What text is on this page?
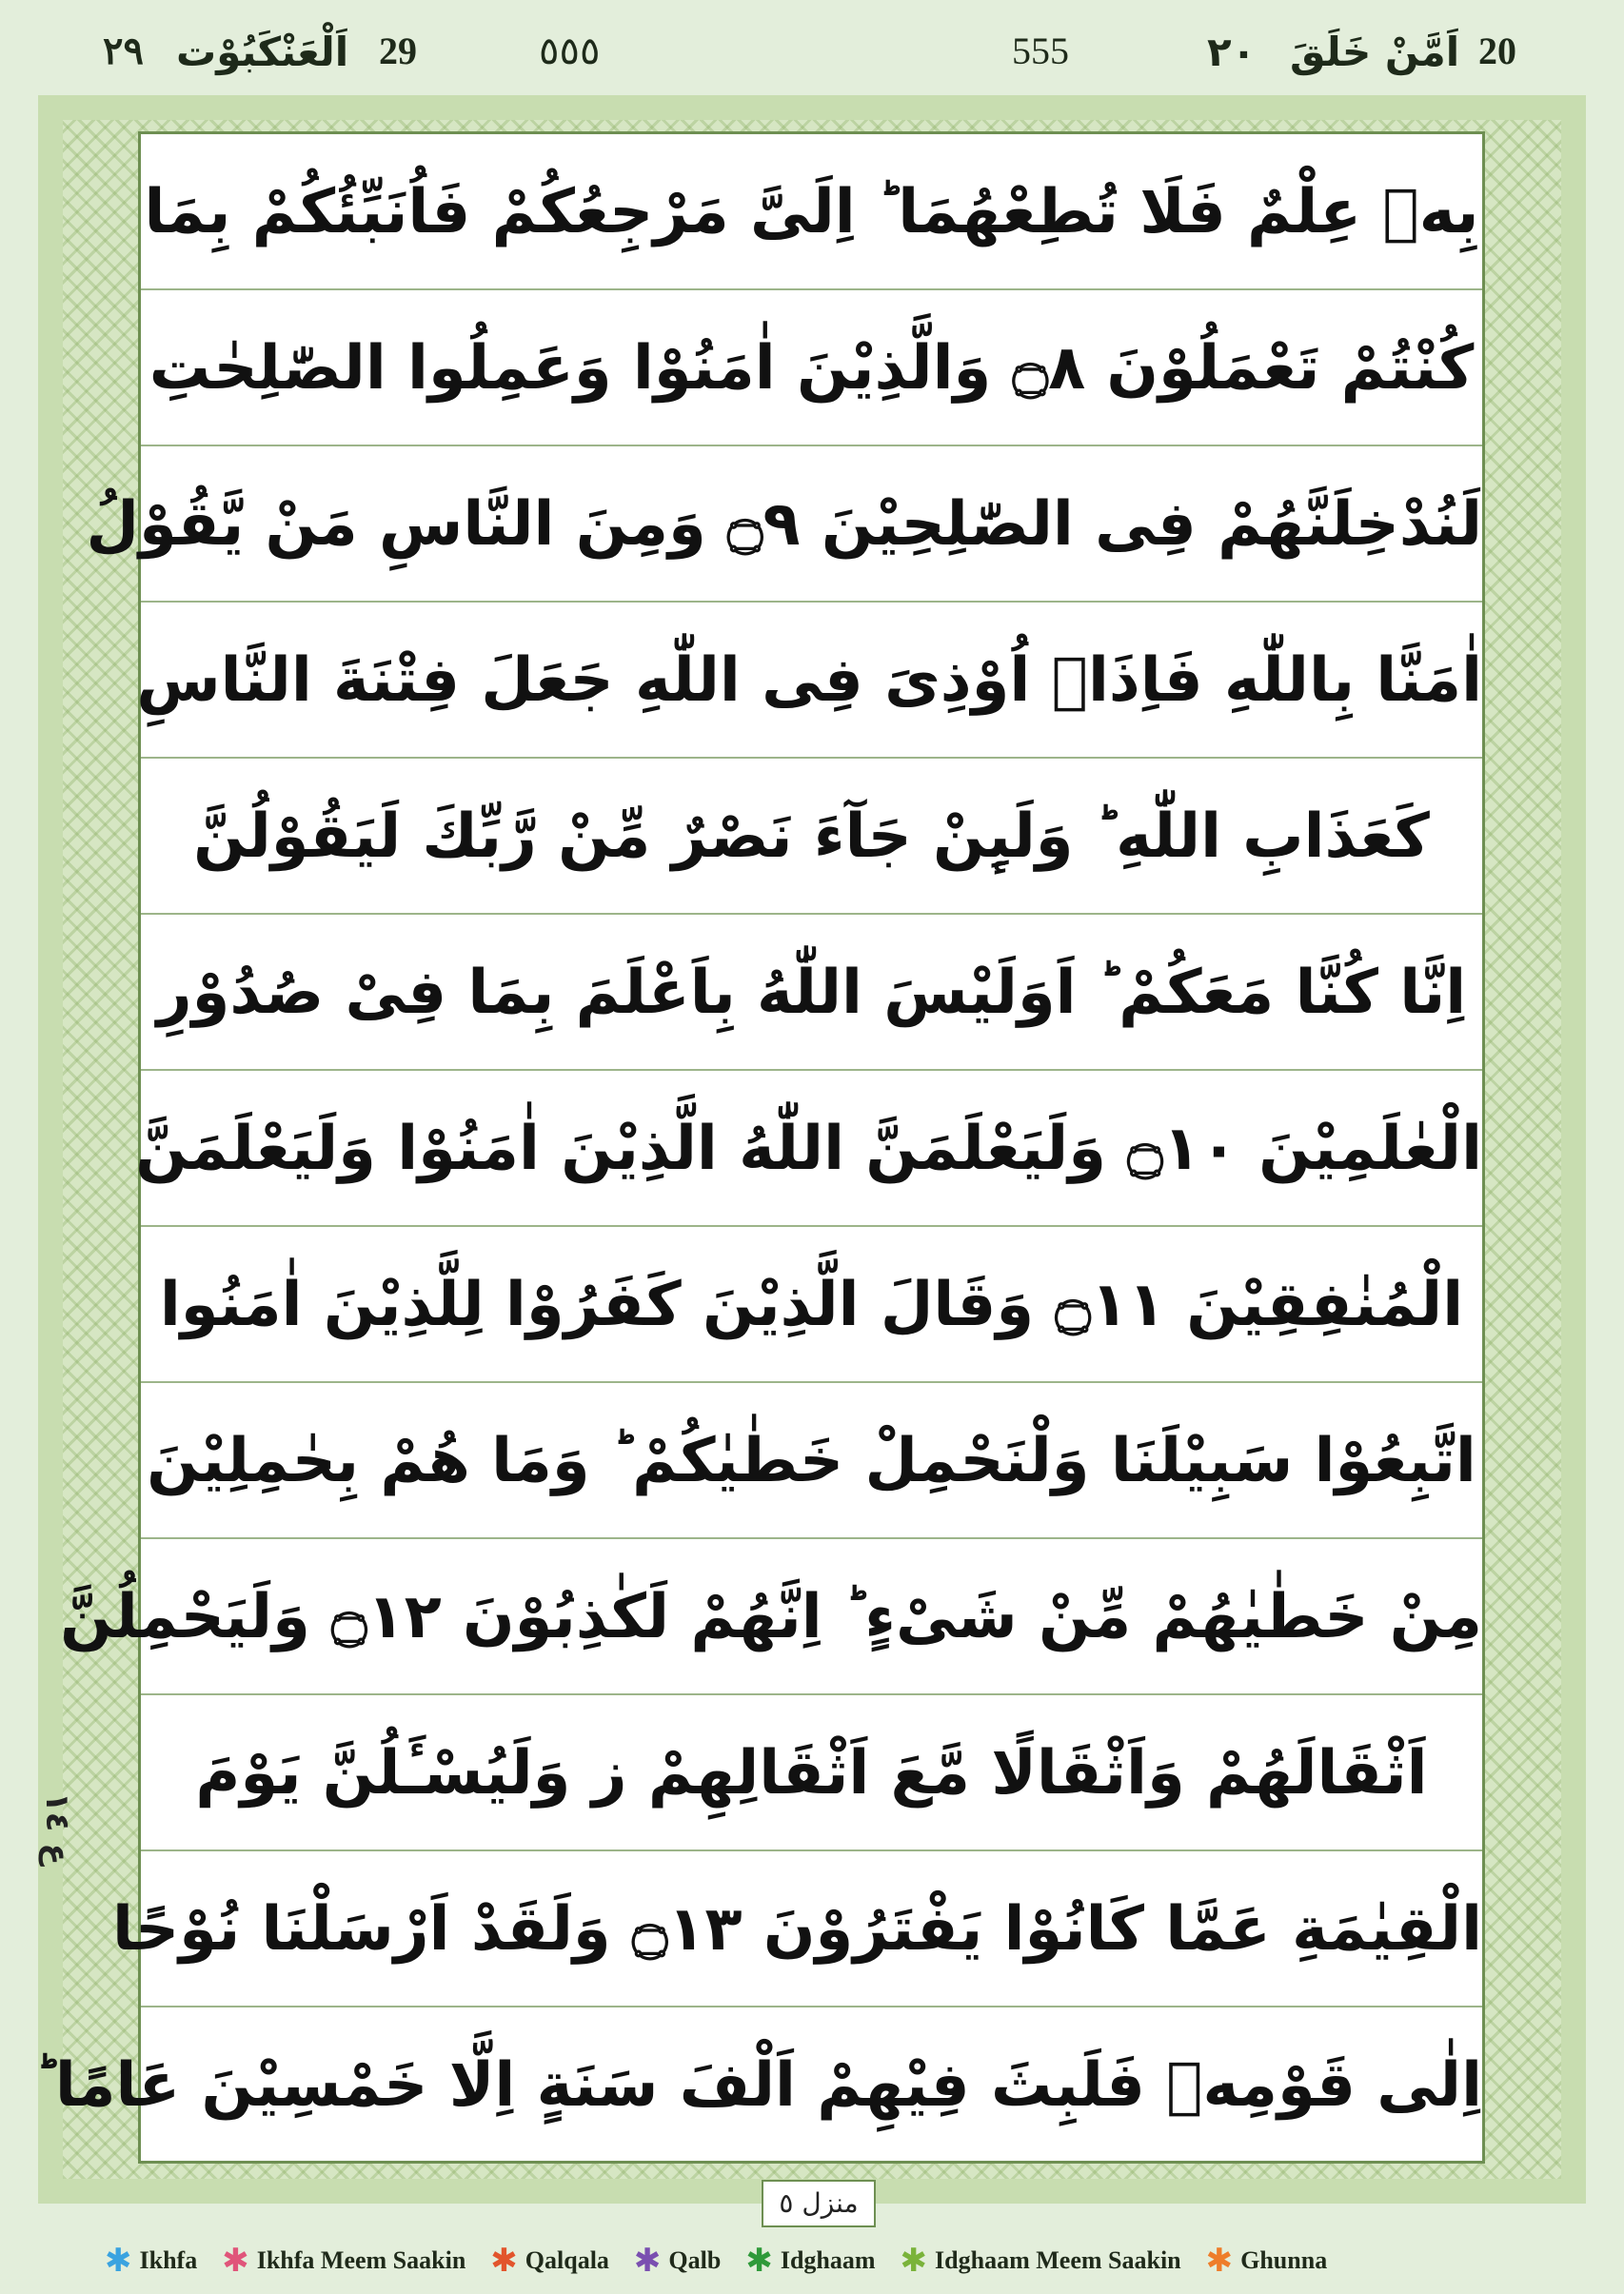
٢٩ اَلْعَنْكَبُوْت 29	٥٥٥	555	٢٠ اَمَّنْ خَلَقَ 20
بِهٖ عِلْمٌ فَلَا تُطِعْهُمَا ؕ اِلَیَّ مَرْجِعُكُمْ فَاُنَبِّئُكُمْ بِمَا
كُنْتُمْ تَعْمَلُوْنَ ۝٨ وَالَّذِیْنَ اٰمَنُوْا وَعَمِلُوا الصّٰلِحٰتِ
لَنُدْخِلَنَّهُمْ فِی الصّٰلِحِیْنَ ۝٩ وَمِنَ النَّاسِ مَنْ یَّقُوْلُ
اٰمَنَّا بِاللّٰهِ فَاِذَاۤ اُوْذِیَ فِی اللّٰهِ جَعَلَ فِتْنَةَ النَّاسِ
كَعَذَابِ اللّٰهِ ؕ وَلَىِٕنْ جَآءَ نَصْرٌ مِّنْ رَّبِّكَ لَیَقُوْلُنَّ
اِنَّا كُنَّا مَعَكُمْ ؕ اَوَلَیْسَ اللّٰهُ بِاَعْلَمَ بِمَا فِیْ صُدُوْرِ
الْعٰلَمِیْنَ ۝١٠ وَلَیَعْلَمَنَّ اللّٰهُ الَّذِیْنَ اٰمَنُوْا وَلَیَعْلَمَنَّ
الْمُنٰفِقِیْنَ ۝١١ وَقَالَ الَّذِیْنَ كَفَرُوْا لِلَّذِیْنَ اٰمَنُوا
اتَّبِعُوْا سَبِیْلَنَا وَلْنَحْمِلْ خَطٰیٰكُمْ ؕ وَمَا هُمْ بِحٰمِلِیْنَ
مِنْ خَطٰیٰهُمْ مِّنْ شَیْءٍ ؕ اِنَّهُمْ لَكٰذِبُوْنَ ۝١٢ وَلَیَحْمِلُنَّ
اَثْقَالَهُمْ وَاَثْقَالًا مَّعَ اَثْقَالِهِمْ ز وَلَیُسْـَٔلُنَّ یَوْمَ
الْقِیٰمَةِ عَمَّا كَانُوْا یَفْتَرُوْنَ ۝١٣ وَلَقَدْ اَرْسَلْنَا نُوْحًا
اِلٰی قَوْمِهٖ فَلَبِثَ فِیْهِمْ اَلْفَ سَنَةٍ اِلَّا خَمْسِیْنَ عَامًا ؕ
ع ١٤
منزل ٥
✱ Ikhfa ✱ Ikhfa Meem Saakin ✱ Qalqala ✱ Qalb ✱ Idghaam ✱ Idghaam Meem Saakin ✱ Ghunna
